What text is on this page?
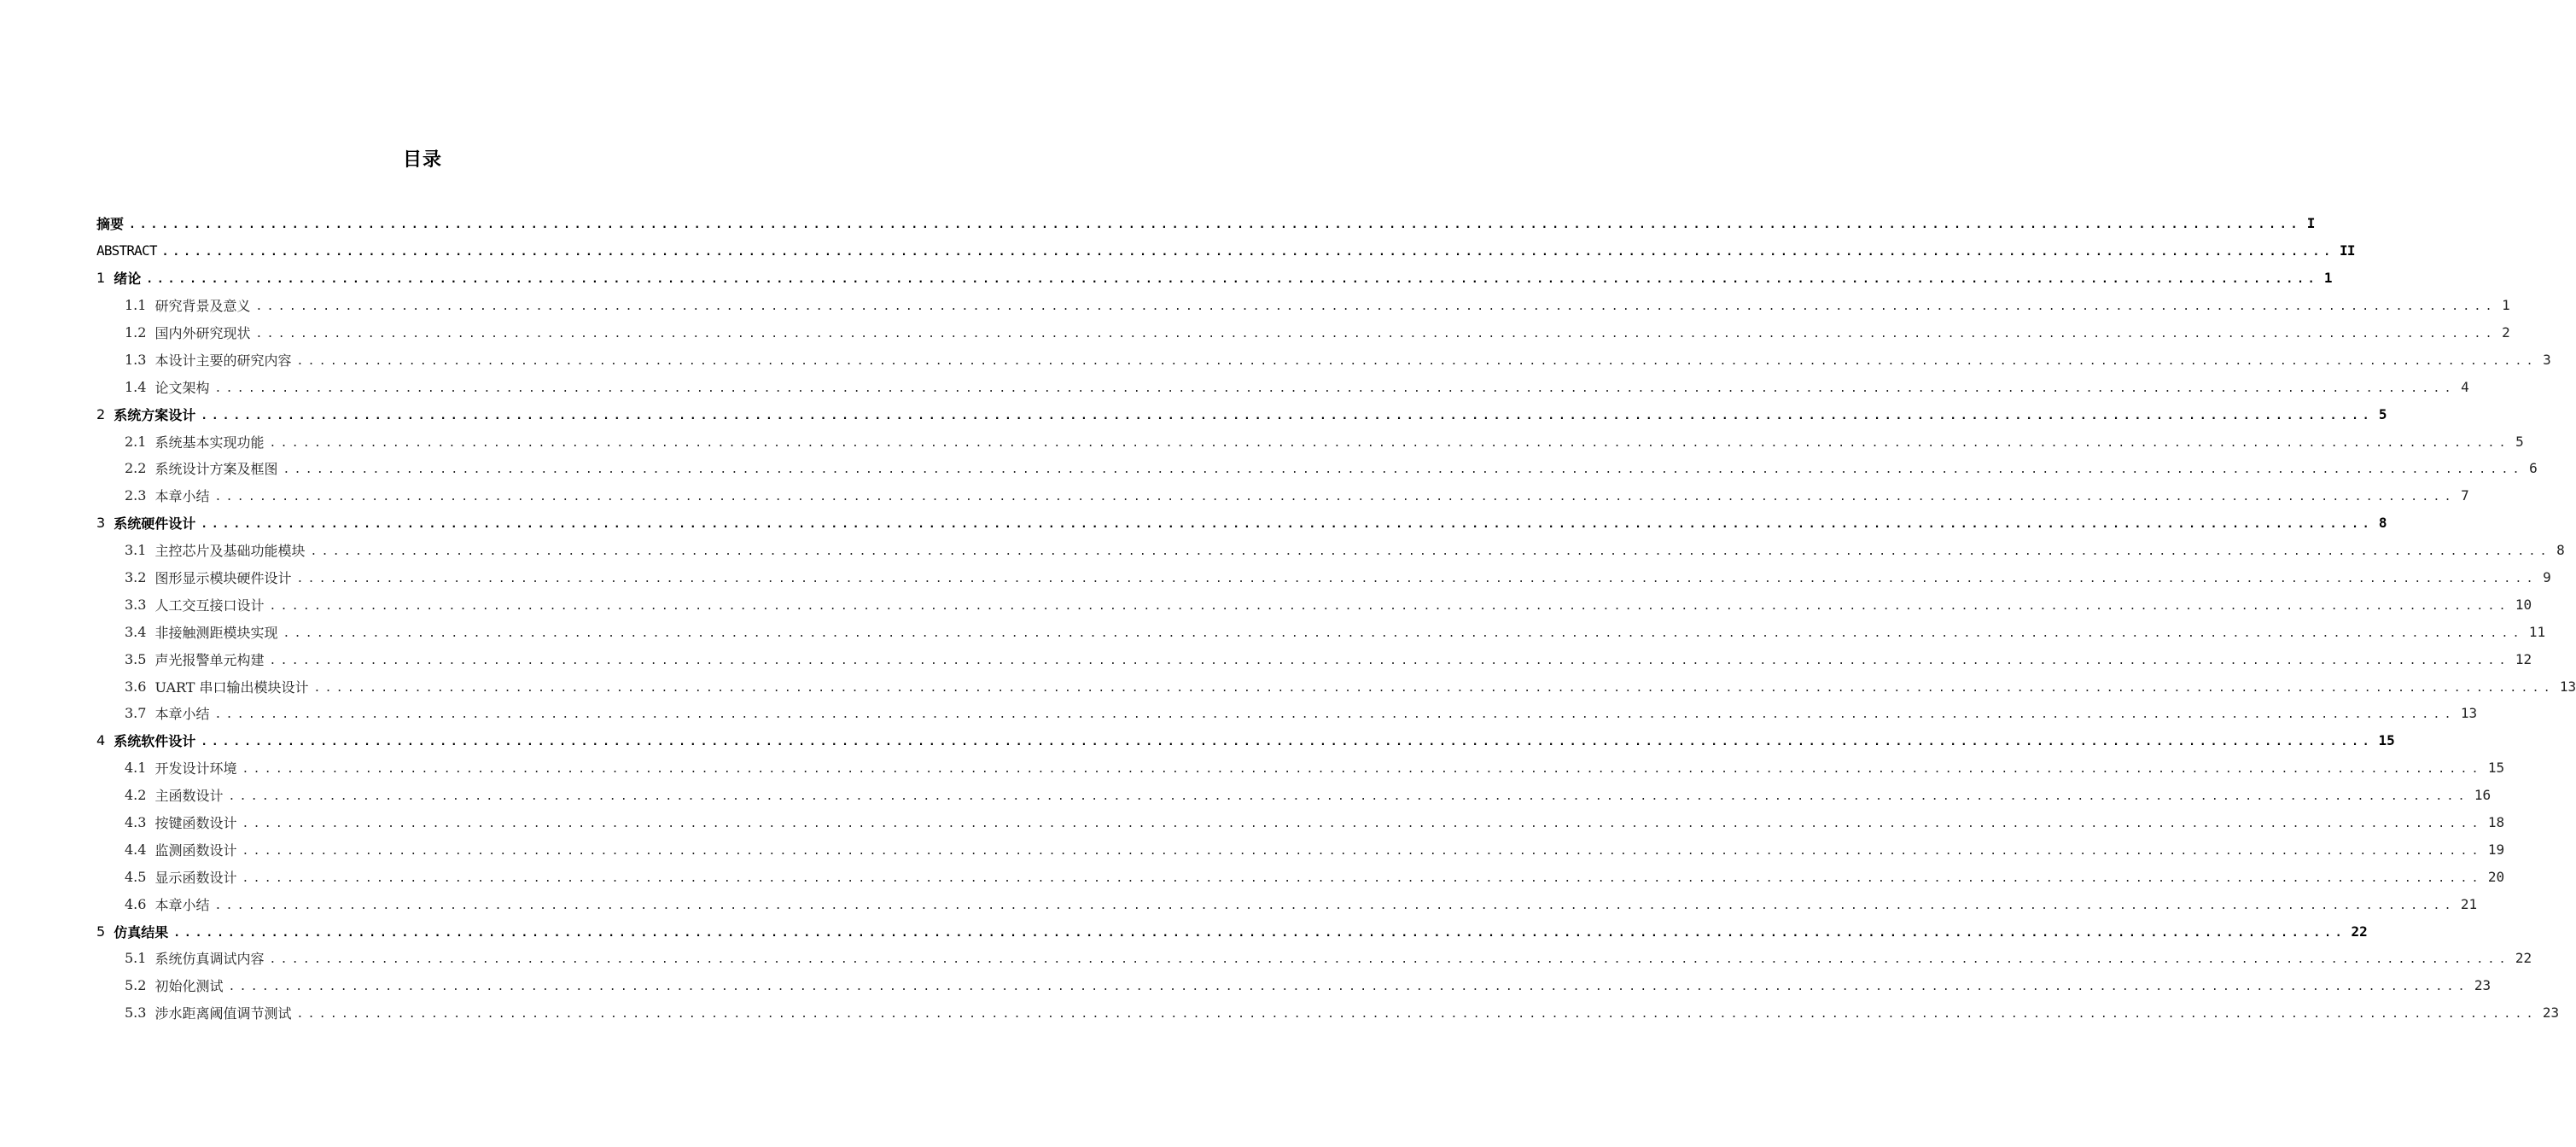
目录
摘要 ........................................................................................................................................................................................................ I
ABSTRACT ........................................................................................................................................................................................................ II
1 绪论 ........................................................................................................................................................................................................ 1
1.1 研究背景及意义 ........................................................................................................................................................................................................ 1
1.2 国内外研究现状 ........................................................................................................................................................................................................ 2
1.3 本设计主要的研究内容 ........................................................................................................................................................................................................ 3
1.4 论文架构 ........................................................................................................................................................................................................ 4
2 系统方案设计 ........................................................................................................................................................................................................ 5
2.1 系统基本实现功能 ........................................................................................................................................................................................................ 5
2.2 系统设计方案及框图 ........................................................................................................................................................................................................ 6
2.3 本章小结 ........................................................................................................................................................................................................ 7
3 系统硬件设计 ........................................................................................................................................................................................................ 8
3.1 主控芯片及基础功能模块 ........................................................................................................................................................................................................ 8
3.2 图形显示模块硬件设计 ........................................................................................................................................................................................................ 9
3.3 人工交互接口设计 ........................................................................................................................................................................................................ 10
3.4 非接触测距模块实现 ........................................................................................................................................................................................................ 11
3.5 声光报警单元构建 ........................................................................................................................................................................................................ 12
3.6 UART 串口输出模块设计 ........................................................................................................................................................................................................ 13
3.7 本章小结 ........................................................................................................................................................................................................ 13
4 系统软件设计 ........................................................................................................................................................................................................ 15
4.1 开发设计环境 ........................................................................................................................................................................................................ 15
4.2 主函数设计 ........................................................................................................................................................................................................ 16
4.3 按键函数设计 ........................................................................................................................................................................................................ 18
4.4 监测函数设计 ........................................................................................................................................................................................................ 19
4.5 显示函数设计 ........................................................................................................................................................................................................ 20
4.6 本章小结 ........................................................................................................................................................................................................ 21
5 仿真结果 ........................................................................................................................................................................................................ 22
5.1 系统仿真调试内容 ........................................................................................................................................................................................................ 22
5.2 初始化测试 ........................................................................................................................................................................................................ 23
5.3 涉水距离阈值调节测试 ........................................................................................................................................................................................................ 23
